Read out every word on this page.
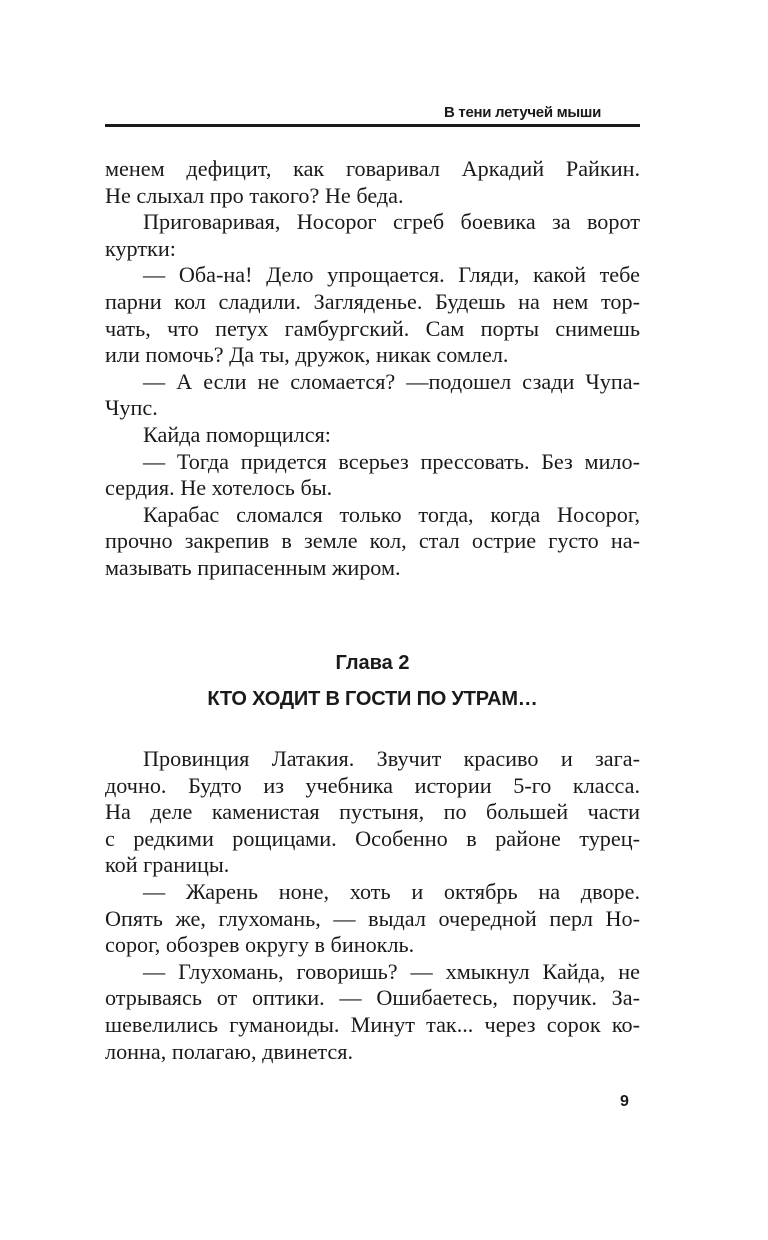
В тени летучей мыши
менем дефицит, как говаривал Аркадий Райкин.
Не слыхал про такого? Не беда.
Приговаривая, Носорог сгреб боевика за ворот
куртки:
— Оба-на! Дело упрощается. Гляди, какой тебе
парни кол сладили. Загляденье. Будешь на нем тор-
чать, что петух гамбургский. Сам порты снимешь
или помочь? Да ты, дружок, никак сомлел.
— А если не сломается? —подошел сзади Чупа-
Чупс.
Кайда поморщился:
— Тогда придется всерьез прессовать. Без мило-
сердия. Не хотелось бы.
Карабас сломался только тогда, когда Носорог,
прочно закрепив в земле кол, стал острие густо на-
мазывать припасенным жиром.
Глава 2
КТО ХОДИТ В ГОСТИ ПО УТРАМ…
Провинция Латакия. Звучит красиво и зага-
дочно. Будто из учебника истории 5-го класса.
На деле каменистая пустыня, по большей части
с редкими рощицами. Особенно в районе турец-
кой границы.
— Жарень ноне, хоть и октябрь на дворе.
Опять же, глухомань, — выдал очередной перл Но-
сорог, обозрев округу в бинокль.
— Глухомань, говоришь? — хмыкнул Кайда, не
отрываясь от оптики. — Ошибаетесь, поручик. За-
шевелились гуманоиды. Минут так... через сорок ко-
лонна, полагаю, двинется.
9
